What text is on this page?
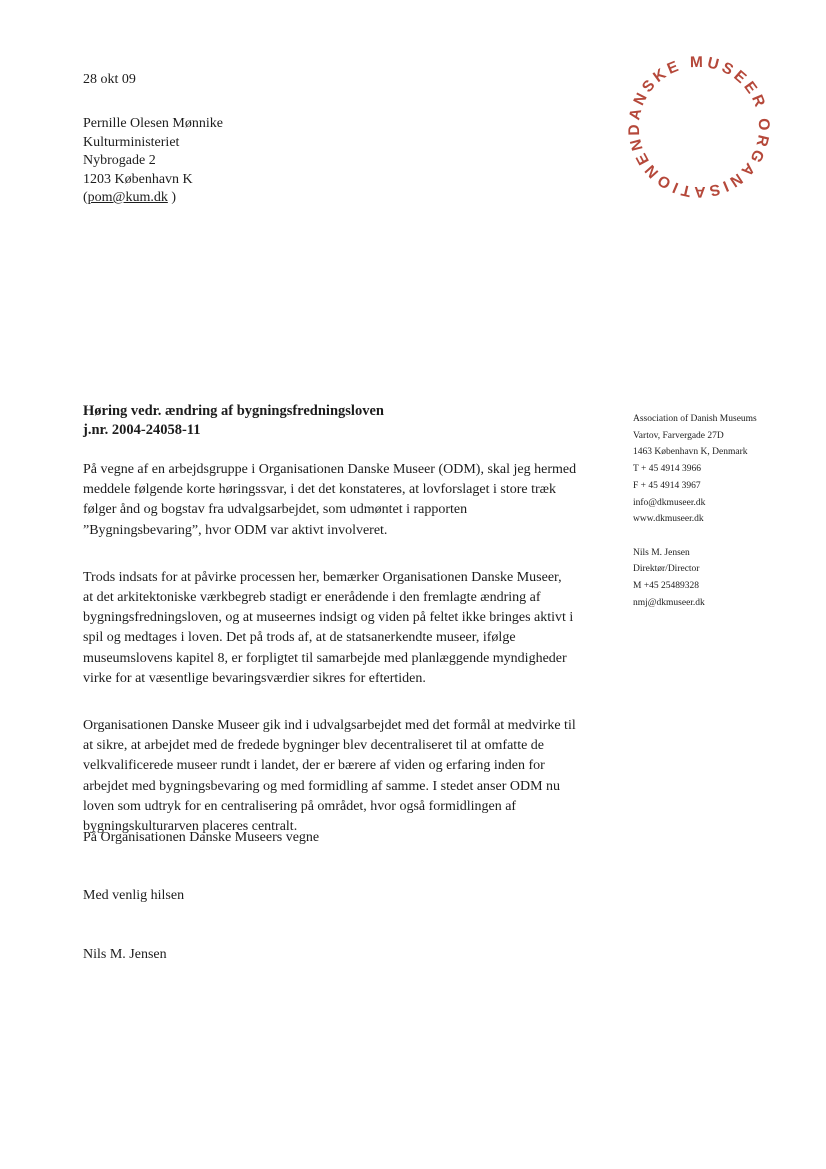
28 okt 09
Pernille Olesen Mønnike
Kulturministeriet
Nybrogade 2
1203 København K
(pom@kum.dk )
DANSKE MUSEER ORGANISATIONEN
Høring vedr. ændring af bygningsfredningsloven
j.nr. 2004-24058-11

På vegne af en arbejdsgruppe i Organisationen Danske Museer (ODM), skal jeg hermed
meddele følgende korte høringssvar, i det det konstateres, at lovforslaget i store træk
følger ånd og bogstav fra udvalgsarbejdet, som udmøntet i rapporten
”Bygningsbevaring”, hvor ODM var aktivt involveret.

Trods indsats for at påvirke processen her, bemærker Organisationen Danske Museer,
at det arkitektoniske værkbegreb stadigt er enerådende i den fremlagte ændring af
bygningsfredningsloven, og at museernes indsigt og viden på feltet ikke bringes aktivt i
spil og medtages i loven. Det på trods af, at de statsanerkendte museer, ifølge
museumslovens kapitel 8, er forpligtet til samarbejde med planlæggende myndigheder
virke for at væsentlige bevaringsværdier sikres for eftertiden.

Organisationen Danske Museer gik ind i udvalgsarbejdet med det formål at medvirke til
at sikre, at arbejdet med de fredede bygninger blev decentraliseret til at omfatte de
velkvalificerede museer rundt i landet, der er bærere af viden og erfaring inden for
arbejdet med bygningsbevaring og med formidling af samme. I stedet anser ODM nu
loven som udtryk for en centralisering på området, hvor også formidlingen af
bygningskulturarven placeres centralt.

På Organisationen Danske Museers vegne
Med venlig hilsen
Nils M. Jensen
Association of Danish Museums
Vartov, Farvergade 27D
1463 København K, Denmark
T + 45 4914 3966
F + 45 4914 3967
info@dkmuseer.dk
www.dkmuseer.dk
Nils M. Jensen
Direktør/Director
M +45 25489328
nmj@dkmuseer.dk
